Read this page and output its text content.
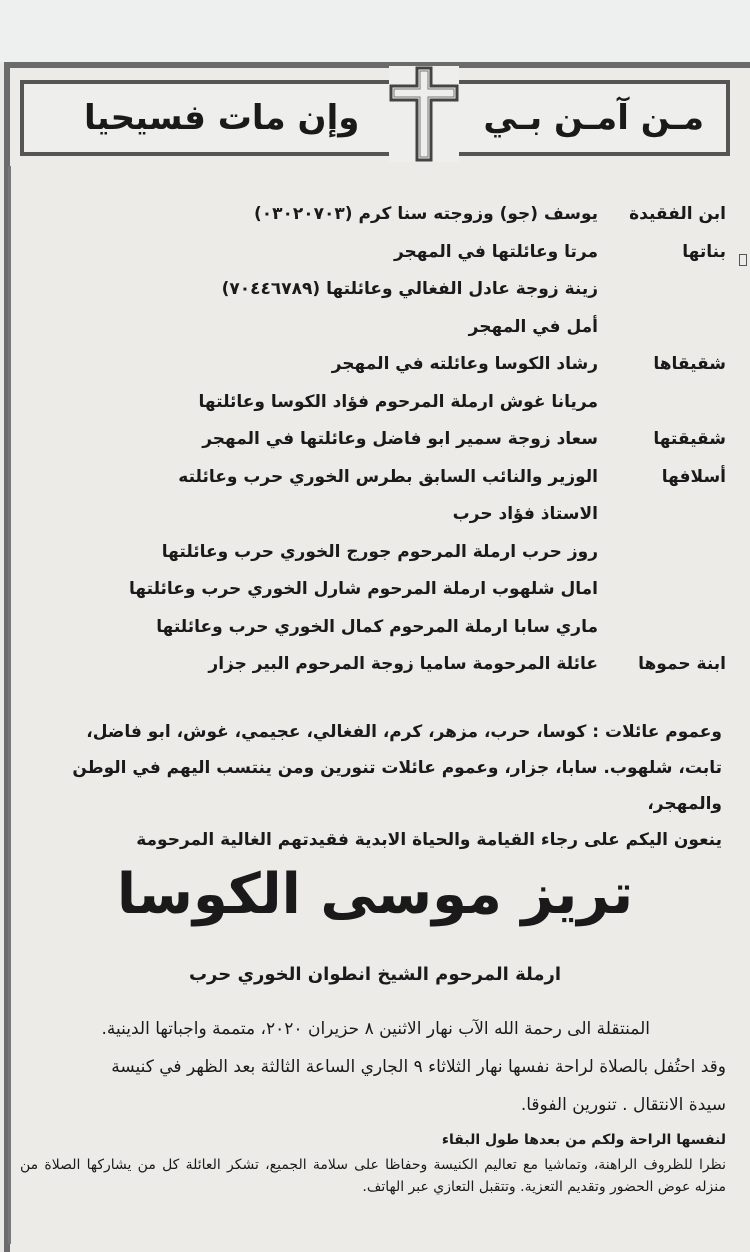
مـن آمـن بـي
وإن مات فسيحيا
ابن الفقيدة
يوسف (جو) وزوجته سنا كرم (٠٣٠٢٠٧٠٣)
بناتها
مرتا وعائلتها في المهجر
زينة زوجة عادل الفغالي وعائلتها (٧٠٤٤٦٧٨٩)
أمل في المهجر
شقيقاها
رشاد الكوسا وعائلته في المهجر
مريانا غوش ارملة المرحوم فؤاد الكوسا وعائلتها
شقيقتها
سعاد زوجة سمير ابو فاضل وعائلتها في المهجر
أسلافها
الوزير والنائب السابق بطرس الخوري حرب وعائلته
الاستاذ فؤاد حرب
روز حرب ارملة المرحوم جورج الخوري حرب وعائلتها
امال شلهوب ارملة المرحوم شارل الخوري حرب وعائلتها
ماري سابا ارملة المرحوم كمال الخوري حرب وعائلتها
ابنة حموها
عائلة المرحومة ساميا زوجة المرحوم البير جزار
وعموم عائلات : كوسا، حرب، مزهر، كرم، الفغالي، عجيمي، غوش، ابو فاضل،
تابت، شلهوب. سابا، جزار، وعموم عائلات تنورين ومن ينتسب اليهم في الوطن والمهجر،
ينعون اليكم على رجاء القيامة والحياة الابدية فقيدتهم الغالية المرحومة
تريز موسى الكوسا
ارملة المرحوم الشيخ انطوان الخوري حرب
المنتقلة الى رحمة الله الآب نهار الاثنين ٨ حزيران ٢٠٢٠، متممة واجباتها الدينية.
وقد احتُفل بالصلاة لراحة نفسها نهار الثلاثاء ٩ الجاري الساعة الثالثة بعد الظهر في كنيسة
سيدة الانتقال . تنورين الفوقا.
لنفسها الراحة ولكم من بعدها طول البقاء
نظرا للظروف الراهنة، وتماشيا مع تعاليم الكنيسة وحفاظا على سلامة الجميع، تشكر العائلة كل من يشاركها الصلاة من منزله عوض الحضور وتقديم التعزية. وتتقبل التعازي عبر الهاتف.
